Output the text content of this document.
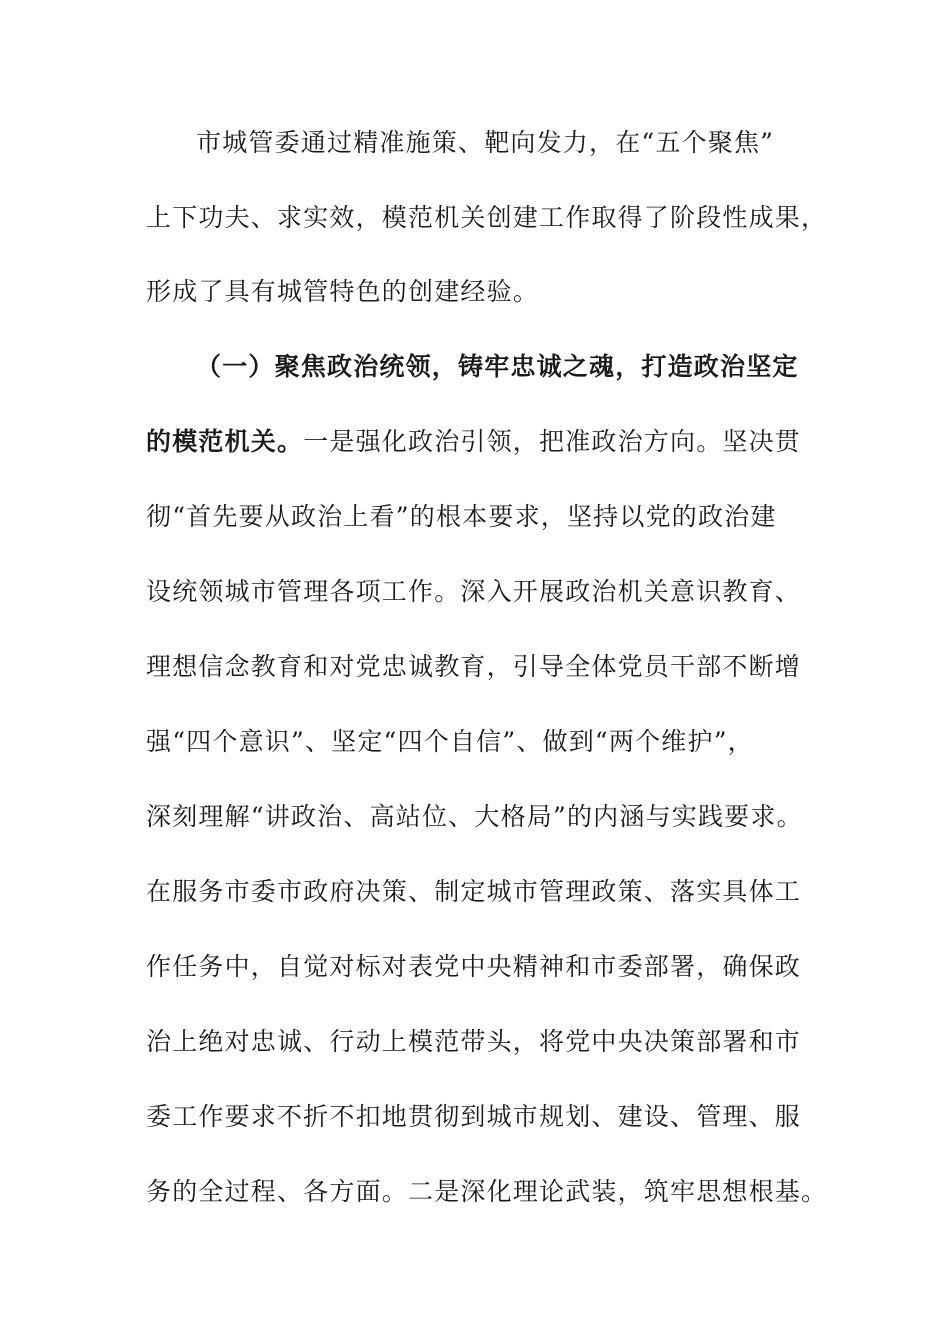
市城管委通过精准施策、靶向发力，在“五个聚焦”
上下功夫、求实效，模范机关创建工作取得了阶段性成果，
形成了具有城管特色的创建经验。
（一）聚焦政治统领，铸牢忠诚之魂，打造政治坚定
的模范机关。一是强化政治引领，把准政治方向。坚决贯
彻“首先要从政治上看”的根本要求，坚持以党的政治建
设统领城市管理各项工作。深入开展政治机关意识教育、
理想信念教育和对党忠诚教育，引导全体党员干部不断增
强“四个意识”、坚定“四个自信”、做到“两个维护”，
深刻理解“讲政治、高站位、大格局”的内涵与实践要求。
在服务市委市政府决策、制定城市管理政策、落实具体工
作任务中，自觉对标对表党中央精神和市委部署，确保政
治上绝对忠诚、行动上模范带头，将党中央决策部署和市
委工作要求不折不扣地贯彻到城市规划、建设、管理、服
务的全过程、各方面。二是深化理论武装，筑牢思想根基。
